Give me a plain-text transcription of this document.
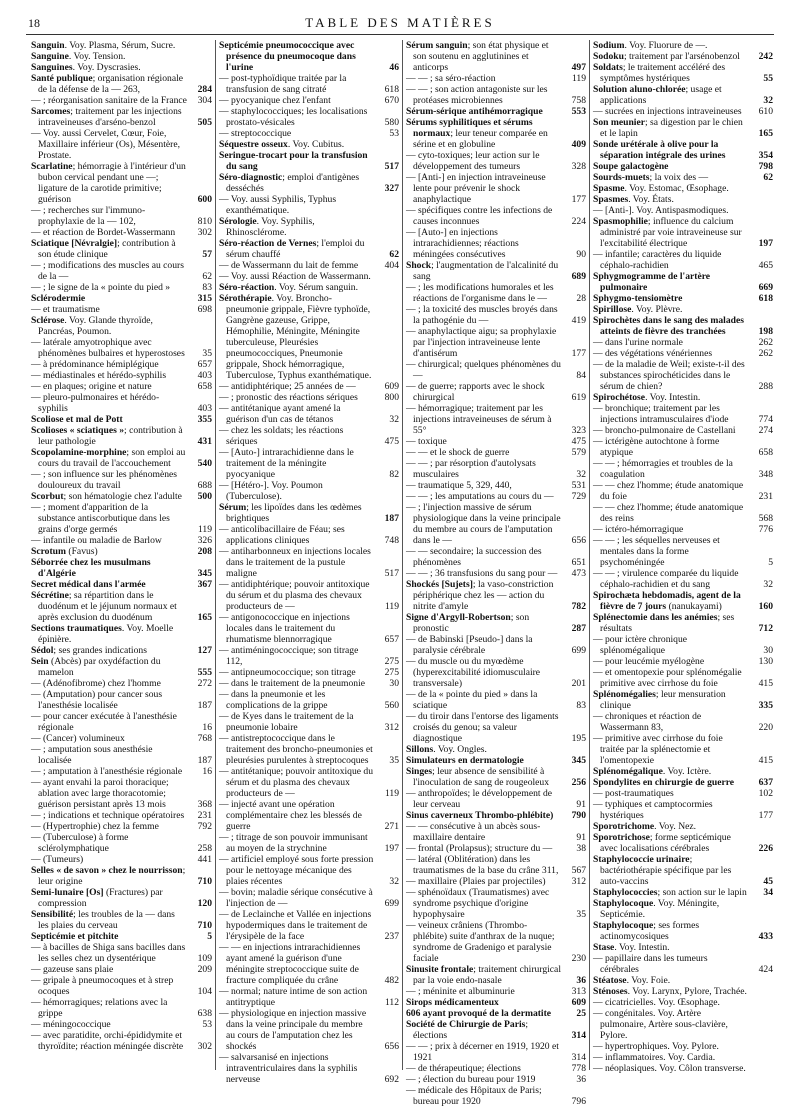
18	TABLE DES MATIÈRES

Sanguin. Voy. Plasma, Sérum, Sucre.

Sanguine. Voy. Tension.

Sanguines. Voy. Dyscrasies.

Santé publique; organisation régionale de la défense de la — 263,	284

— ; réorganisation sanitaire de la France 304

Sarcomes; traitement par les injections intraveineuses d'arséno-benzol	505

— Voy. aussi Cervelet, Cœur, Foie, Maxillaire inférieur (Os), Mésentère, Prostate.

Scarlatine; hémorragie à l'intérieur d'un bubon cervical pendant une —; ligature de la carotide primitive; guérison	600

— ; recherches sur l'immuno-prophylaxie de la — 102,	810

— et réaction de Bordet-Wassermann 302

Sciatique [Névralgie]; contribution à son étude clinique	57

— ; modifications des muscles au cours de la —	62

— ; le signe de la « pointe du pied »	83

Sclérodermie	315

— et traumatisme	698

Sclérose. Voy. Glande thyroïde, Pancréas, Poumon.

— latérale amyotrophique avec phénomènes bulbaires et hyperostoses 35

— à prédominance hémiplégique	657

— médiastinales et hérédo-syphilis	403

— en plaques; origine et nature	658

— pleuro-pulmonaires et hérédo-syphilis	403

Scoliose et mal de Pott	355

Scolioses « sciatiques »; contribution à leur pathologie	431

Scopolamine-morphine; son emploi au cours du travail de l'accouchement	540

— ; son influence sur les phénomènes douloureux du travail	688

Scorbut; son hématologie chez l'adulte 500

— ; moment d'apparition de la substance antiscorbutique dans les grains d'orge germés	119

— infantile ou maladie de Barlow	326

Scrotum (Favus)	208

Séborrée chez les musulmans d'Algérie	345

Secret médical dans l'armée	367

Sécrétine; sa répartition dans le duodénum et le jéjunum normaux et après exclusion du duodénum	165

Sections traumatiques. Voy. Moelle épinière.

Sédol; ses grandes indications	127

Sein (Abcès) par oxydéfaction du mamelon	555

— (Adénofibrome) chez l'homme	272

— (Amputation) pour cancer sous l'anesthésie localisée	187

— pour cancer exécutée à l'anesthésie régionale	16

— (Cancer) volumineux	768

— ; amputation sous anesthésie localisée	187

— ; amputation à l'anesthésie régionale 16

— ayant envahi la paroi thoracique; ablation avec large thoracotomie; guérison persistant après 13 mois	368

— ; indications et technique opératoires 231

— (Hypertrophie) chez la femme	792

— (Tuberculose) à forme sclérolymphatique	258

— (Tumeurs)	441

Selles « de savon » chez le nourrisson; leur origine	710

Semi-lunaire [Os] (Fractures) par compression	120

Sensibilité; les troubles de la — dans les plaies du cerveau	710

Septicémie et pitchite	5

— à bacilles de Shiga sans bacilles dans les selles chez un dysentérique	109

— gazeuse sans plaie	209

— gripale à pneumocoques et à strep ocoques	104

— hémorragiques; relations avec la grippe	638

— méningococcique	53

— avec paratidite, orchi-épididymite et thyroïdite; réaction méningée discrète 302

Septicémie pneumococcique avec présence du pneumocoque dans l'urine	46

— post-typhoïdique traitée par la transfusion de sang citraté	618

— pyocyanique chez l'enfant	670

— staphylococciques; les localisations prostato-vésicales	580

— streptococcique	53

Séquestre osseux. Voy. Cubitus.

Seringue-trocart pour la transfusion du sang	517

Séro-diagnostic; emploi d'antigènes desséchés	327

— Voy. aussi Syphilis, Typhus exanthématique.

Sérologie. Voy. Syphilis, Rhinosclérome.

Séro-réaction de Vernes; l'emploi du sérum chauffé	62

— de Wassermann du lait de femme	404

— Voy. aussi Réaction de Wassermann.

Séro-réaction. Voy. Sérum sanguin.

Sérothérapie. Voy. Broncho-pneumonie grippale, Fièvre typhoïde, Gangrène gazeuse, Grippe, Hémophilie, Méningite, Méningite tuberculeuse, Pleurésies pneumococciques, Pneumonie grippale, Shock hémorragique, Tuberculose, Typhus exanthématique.

— antidiphtérique; 25 années de —	609

— ; pronostic des réactions sériques	800

— antitétanique ayant amené la guérison d'un cas de tétanos	32

— chez les soldats; les réactions sériques	475

— [Auto-] intrarachidienne dans le traitement de la méningite pyocyanique	82

— [Hétéro-]. Voy. Poumon (Tuberculose).

Sérum; les lipoïdes dans les œdèmes brightiques	187

— anticolibacillaire de Féau; ses applications cliniques	748

— antiharbonneux en injections locales dans le traitement de la pustule maligne	517

— antidiphtérique; pouvoir antitoxique du sérum et du plasma des chevaux producteurs de —	119

— antigonococcique en injections locales dans le traitement du rhumatisme blennorragique	657

— antiméningococcique; son titrage 112,	275

— antipneumococcique; son titrage	275

— dans le traitement de la pneumonie	30

— dans la pneumonie et les complications de la grippe	560

— de Kyes dans le traitement de la pneumonie lobaire	312

— antistreptococcique dans le traitement des broncho-pneumonies et pleurésies purulentes à streptocoques 35

— antitétanique; pouvoir antitoxique du sérum et du plasma des chevaux producteurs de —	119

— injecté avant une opération complémentaire chez les blessés de guerre	271

— ; titrage de son pouvoir immunisant au moyen de la strychnine	197

— artificiel employé sous forte pression pour le nettoyage mécanique des plaies récentes	32

— bovin; maladie sérique consécutive à l'injection de —	699

— de Leclainche et Vallée en injections hypodermiques dans le traitement de l'érysipèle de la face	237

— — en injections intrarachidiennes ayant amené la guérison d'une méningite streptococcique suite de fracture compliquée du crâne	482

— normal; nature intime de son action antitryptique	112

— physiologique en injection massive dans la veine principale du membre au cours de l'amputation chez les shockés	656

— salvarsanisé en injections intraventriculaires dans la syphilis nerveuse	692

Sérum sanguin; son état physique et son soutenu en agglutinines et anticorps	497

— — ; sa séro-réaction	119

— — ; son action antagoniste sur les protéases microbiennes	758

Sérum-sérique antihémorragique	553

Sérums syphilitiques et sérums normaux; leur teneur comparée en sérine et en globuline	409

— cyto-toxiques; leur action sur le développement des tumeurs	328

— [Anti-] en injection intraveineuse lente pour prévenir le shock anaphylactique	177

— spécifiques contre les infections de causes inconnues	224

— [Auto-] en injections intrarachidiennes; réactions méningées consécutives	90

Shock; l'augmentation de l'alcalinité du sang	689

— ; les modifications humorales et les réactions de l'organisme dans le —	28

— ; la toxicité des muscles broyés dans la pathogénie du —	419

— anaphylactique aigu; sa prophylaxie par l'injection intraveineuse lente d'antisérum	177

— chirurgical; quelques phénomènes du —	84

— de guerre; rapports avec le shock chirurgical	619

— hémorragique; traitement par les injections intraveineuses de sérum à 55°	323

— toxique	475

— — et le shock de guerre	579

— — ; par résorption d'autolysats musculaires	32

— traumatique 5, 329, 440,	531

— — ; les amputations au cours du — 729

— ; l'injection massive de sérum physiologique dans la veine principale du membre au cours de l'amputation dans le —	656

— — secondaire; la succession des phénomènes	651

— — ; 36 transfusions du sang pour — 473

Shockés [Sujets]; la vaso-constriction périphérique chez les — action du nitrite d'amyle	782

Signe d'Argyll-Robertson; son pronostic	287

— de Babinski [Pseudo-] dans la paralysie cérébrale	699

— du muscle ou du myœdème (hyperexcitabilité idiomusculaire transversale)	201

— de la « pointe du pied » dans la sciatique	83

— du tiroir dans l'entorse des ligaments croisés du genou; sa valeur diagnostique	195

Sillons. Voy. Ongles.

Simulateurs en dermatologie	345

Singes; leur absence de sensibilité à l'inoculation de sang de rougeoleux 256

— anthropoïdes; le développement de leur cerveau	91

Sinus caverneux Thrombo-phlébite) 790

— — consécutive à un abcès sous-maxillaire dentaire	91

— frontal (Prolapsus); structure du —	38

— latéral (Oblitération) dans les traumatismes de la base du crâne 311, 567

— maxillaire (Plaies par projectiles)	312

— sphénoïdaux (Traumatismes) avec syndrome psychique d'origine hypophysaire	35

— veineux crâniens (Thrombo-phlébite) suite d'anthrax de la nuque; syndrome de Gradenigo et paralysie faciale	230

Sinusite frontale; traitement chirurgical par la voie endo-nasale	36

— ; méninite et albuminurie	313

Sirops médicamenteux	609

606 ayant provoqué de la dermatite	25

Société de Chirurgie de Paris; élections	314

— — ; prix à décerner en 1919, 1920 et 1921	314

— de thérapeutique; élections	778

— ; élection du bureau pour 1919	36

— médicale des Hôpitaux de Paris; bureau pour 1920	796

Sodium. Voy. Fluorure de —.

Sodoku; traitement par l'arsénobenzol 242

Soldats; le traitement accéléré des symptômes hystériques	55

Solution aluno-chlorée; usage et applications	32

— sucrées en injections intraveineuses 610

Son meunier; sa digestion par le chien et le lapin	165

Sonde urétérale à olive pour la séparation intégrale des urines	354

Soupe galactogène	798

Sourds-muets; la voix des —	62

Spasme. Voy. Estomac, Œsophage.

Spasmes. Voy. États.

— [Anti-]. Voy. Antispasmodiques.

Spasmophilie; influence du calcium administré par voie intraveineuse sur l'excitabilité électrique	197

— infantile; caractères du liquide céphalo-rachidien	465

Sphygmogramme de l'artère pulmonaire	669

Sphygmo-tensiomètre	618

Spirillose. Voy. Plèvre.

Spirochètes dans le sang des malades atteints de fièvre des tranchées	198

— dans l'urine normale	262

— des végétations vénériennes	262

— de la maladie de Weil; existe-t-il des substances spirochéticides dans le sérum de chien?	288

Spirochétose. Voy. Intestin.

— bronchique; traitement par les injections intramusculaires d'iode	774

— broncho-pulmonaire de Castellani 274

— ictérigène autochtone à forme atypique	658

— — ; hémorragies et troubles de la coagulation	348

— — chez l'homme; étude anatomique du foie	231

— — chez l'homme; étude anatomique des reins	568

— ictéro-hémorragique	776

— — ; les séquelles nerveuses et mentales dans la forme psychoméningée	5

— — ; virulence comparée du liquide céphalo-rachidien et du sang	32

Spirochæta hebdomadis, agent de la fièvre de 7 jours (nanukayami)	160

Splénectomie dans les anémies; ses résultats	712

— pour ictère chronique splénomégalique	30

— pour leucémie myélogène	130

— et omentopexie pour splénomégalie primitive avec cirrhose du foie	415

Splénomégalies; leur mensuration clinique	335

— chroniques et réaction de Wassermann 83,	220

— primitive avec cirrhose du foie traitée par la splénectomie et l'omentopexie	415

Splénomégalique. Voy. Ictère.

Spondylites en chirurgie de guerre	637

— post-traumatiques	102

— typhiques et camptocormies hystériques	177

Sporotrichome. Voy. Nez.

Sporotrichose; forme septicémique avec localisations cérébrales	226

Staphylococcie urinaire; bactériothérapie spécifique par les auto-vaccins	45

Staphylococcies; son action sur le lapin 34

Staphylocoque. Voy. Méningite, Septicémie.

Staphylocoque; ses formes actinomycosiques	433

Stase. Voy. Intestin.

— papillaire dans les tumeurs cérébrales	424

Stéatose. Voy. Foie.

Sténoses. Voy. Larynx, Pylore, Trachée.

— cicatricielles. Voy. Œsophage.

— congénitales. Voy. Artère pulmonaire, Artère sous-clavière, Pylore.

— hypertrophiques. Voy. Pylore.

— inflammatoires. Voy. Cardia.

— néoplasiques. Voy. Côlon transverse.
